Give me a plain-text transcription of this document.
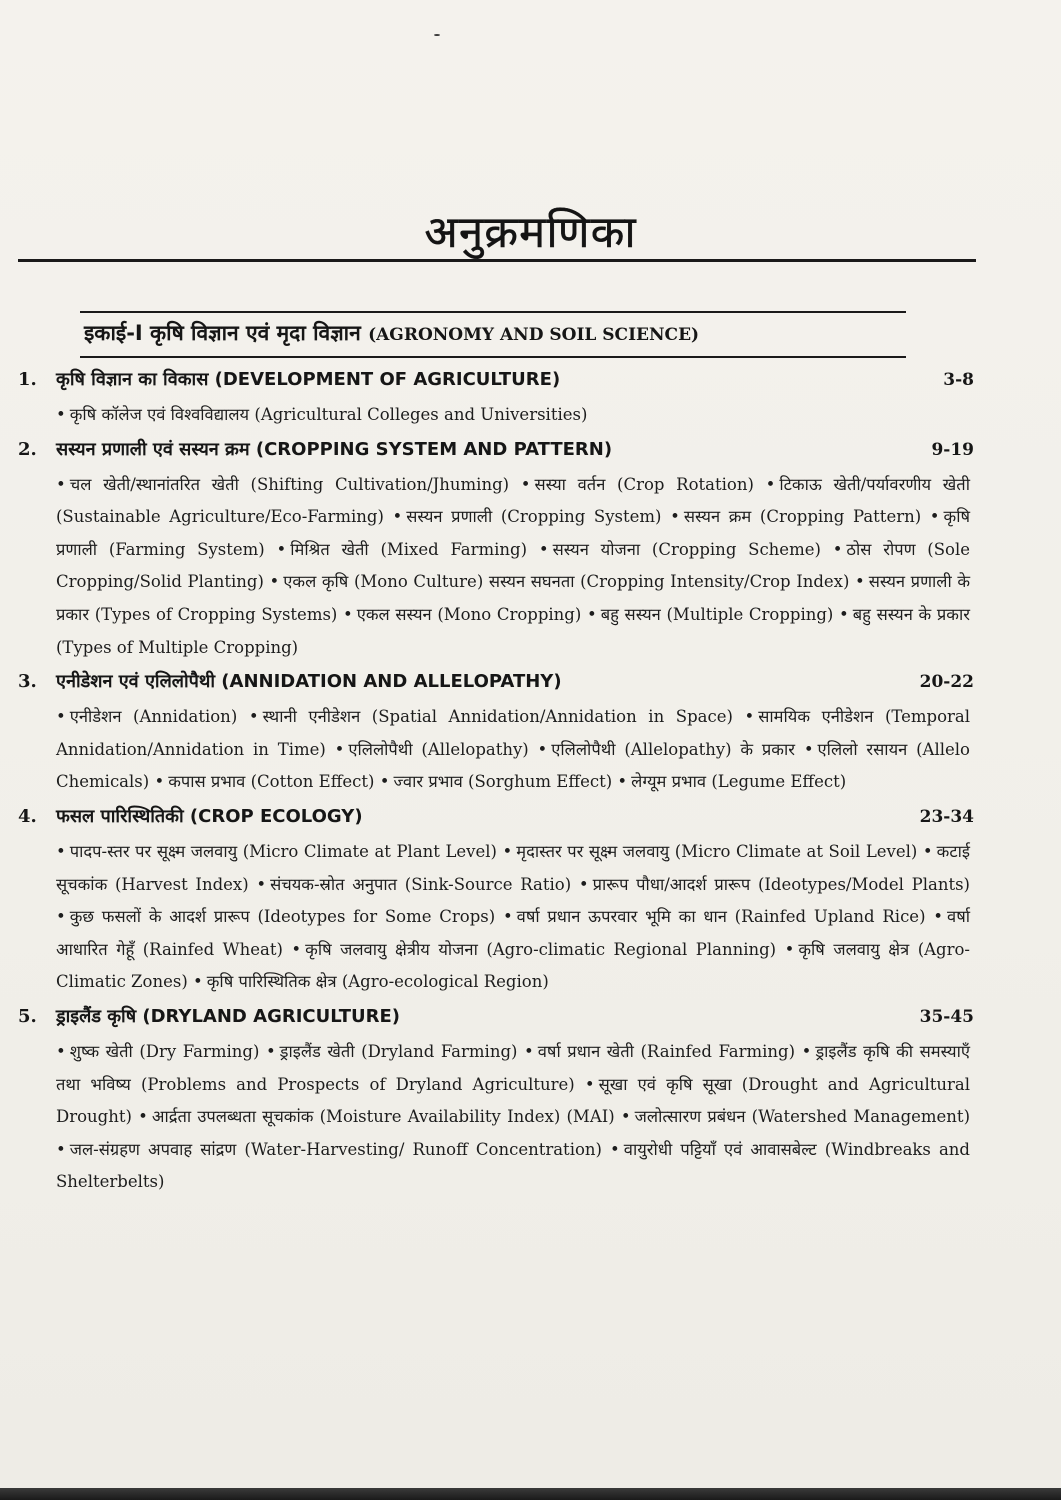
अनुक्रमणिका
इकाई-I कृषि विज्ञान एवं मृदा विज्ञान (AGRONOMY AND SOIL SCIENCE)
1.	कृषि विज्ञान का विकास (DEVELOPMENT OF AGRICULTURE)	3-8
• कृषि कॉलेज एवं विश्वविद्यालय (Agricultural Colleges and Universities)
2.	सस्यन प्रणाली एवं सस्यन क्रम (CROPPING SYSTEM AND PATTERN)	9-19
• चल खेती/स्थानांतरित खेती (Shifting Cultivation/Jhuming) • सस्या वर्तन (Crop Rotation) • टिकाऊ खेती/पर्यावरणीय खेती (Sustainable Agriculture/Eco-Farming) • सस्यन प्रणाली (Cropping System) • सस्यन क्रम (Cropping Pattern) • कृषि प्रणाली (Farming System) • मिश्रित खेती (Mixed Farming) • सस्यन योजना (Cropping Scheme) • ठोस रोपण (Sole Cropping/Solid Planting) • एकल कृषि (Mono Culture) सस्यन सघनता (Cropping Intensity/Crop Index) • सस्यन प्रणाली के प्रकार (Types of Cropping Systems) • एकल सस्यन (Mono Cropping) • बहु सस्यन (Multiple Cropping) • बहु सस्यन के प्रकार (Types of Multiple Cropping)
3.	एनीडेशन एवं एलिलोपैथी (ANNIDATION AND ALLELOPATHY)	20-22
• एनीडेशन (Annidation) • स्थानी एनीडेशन (Spatial Annidation/Annidation in Space) • सामयिक एनीडेशन (Temporal Annidation/Annidation in Time) • एलिलोपैथी (Allelopathy) • एलिलोपैथी (Allelopathy) के प्रकार • एलिलो रसायन (Allelo Chemicals) • कपास प्रभाव (Cotton Effect) • ज्वार प्रभाव (Sorghum Effect) • लेग्यूम प्रभाव (Legume Effect)
4.	फसल पारिस्थितिकी (CROP ECOLOGY)	23-34
• पादप-स्तर पर सूक्ष्म जलवायु (Micro Climate at Plant Level) • मृदास्तर पर सूक्ष्म जलवायु (Micro Climate at Soil Level) • कटाई सूचकांक (Harvest Index) • संचयक-स्रोत अनुपात (Sink-Source Ratio) • प्रारूप पौधा/आदर्श प्रारूप (Ideotypes/Model Plants) • कुछ फसलों के आदर्श प्रारूप (Ideotypes for Some Crops) • वर्षा प्रधान ऊपरवार भूमि का धान (Rainfed Upland Rice) • वर्षा आधारित गेहूँ (Rainfed Wheat) • कृषि जलवायु क्षेत्रीय योजना (Agro-climatic Regional Planning) • कृषि जलवायु क्षेत्र (Agro-Climatic Zones) • कृषि पारिस्थितिक क्षेत्र (Agro-ecological Region)
5.	ड्राइलैंड कृषि (DRYLAND AGRICULTURE)	35-45
• शुष्क खेती (Dry Farming) • ड्राइलैंड खेती (Dryland Farming) • वर्षा प्रधान खेती (Rainfed Farming) • ड्राइलैंड कृषि की समस्याएँ तथा भविष्य (Problems and Prospects of Dryland Agriculture) • सूखा एवं कृषि सूखा (Drought and Agricultural Drought) • आर्द्रता उपलब्धता सूचकांक (Moisture Availability Index) (MAI) • जलोत्सारण प्रबंधन (Watershed Management) • जल-संग्रहण अपवाह सांद्रण (Water-Harvesting/ Runoff Concentration) • वायुरोधी पट्टियाँ एवं आवासबेल्ट (Windbreaks and Shelterbelts)
